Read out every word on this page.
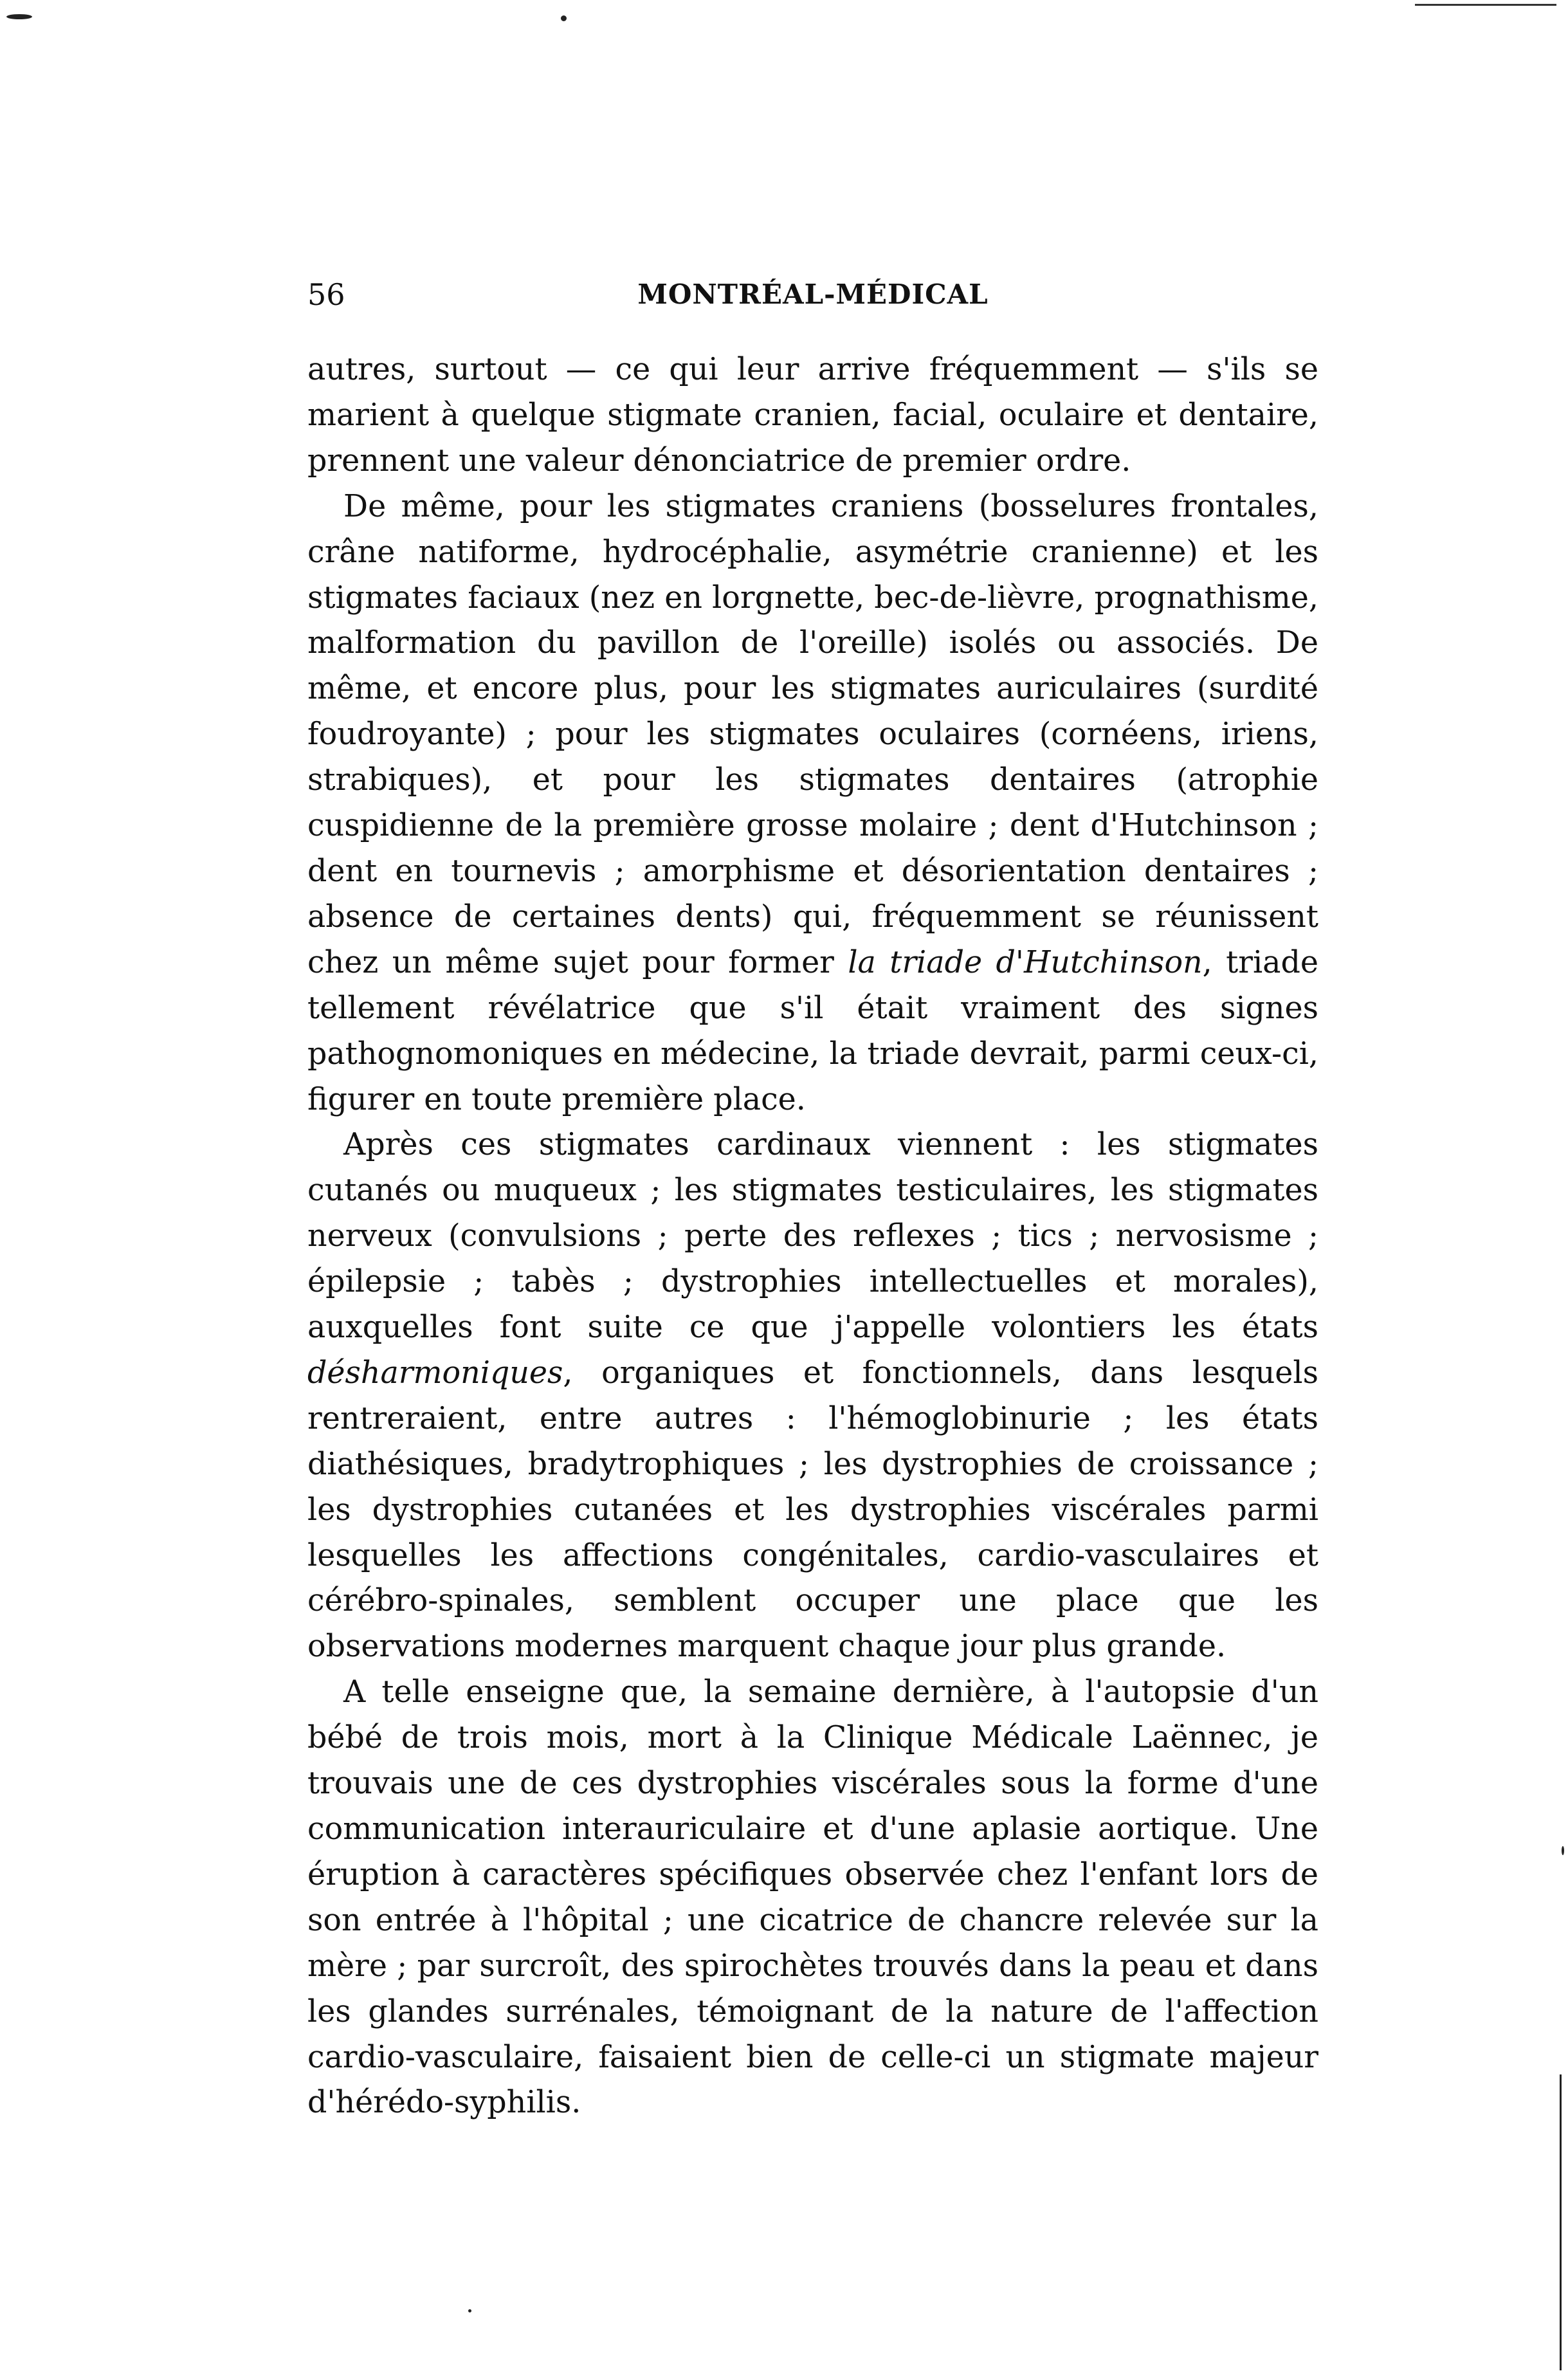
56	MONTRÉAL-MÉDICAL

autres, surtout — ce qui leur arrive fréquemment — s'ils se marient à quelque stigmate cranien, facial, oculaire et dentaire, prennent une valeur dénonciatrice de premier ordre.

De même, pour les stigmates craniens (bosselures frontales, crâne natiforme, hydrocéphalie, asymétrie cranienne) et les stigmates faciaux (nez en lorgnette, bec-de-lièvre, prognathisme, malformation du pavillon de l'oreille) isolés ou associés. De même, et encore plus, pour les stigmates auriculaires (surdité foudroyante) ; pour les stigmates oculaires (cornéens, iriens, strabiques), et pour les stigmates dentaires (atrophie cuspidienne de la première grosse molaire ; dent d'Hutchinson ; dent en tournevis ; amorphisme et désorientation dentaires ; absence de certaines dents) qui, fréquemment se réunissent chez un même sujet pour former la triade d'Hutchinson, triade tellement révélatrice que s'il était vraiment des signes pathognomoniques en médecine, la triade devrait, parmi ceux-ci, figurer en toute première place.

Après ces stigmates cardinaux viennent : les stigmates cutanés ou muqueux ; les stigmates testiculaires, les stigmates nerveux (convulsions ; perte des reflexes ; tics ; nervosisme ; épilepsie ; tabès ; dystrophies intellectuelles et morales), auxquelles font suite ce que j'appelle volontiers les états désharmoniques, organiques et fonctionnels, dans lesquels rentreraient, entre autres : l'hémoglobinurie ; les états diathésiques, bradytrophiques ; les dystrophies de croissance ; les dystrophies cutanées et les dystrophies viscérales parmi lesquelles les affections congénitales, cardio-vasculaires et cérébro-spinales, semblent occuper une place que les observations modernes marquent chaque jour plus grande.

A telle enseigne que, la semaine dernière, à l'autopsie d'un bébé de trois mois, mort à la Clinique Médicale Laënnec, je trouvais une de ces dystrophies viscérales sous la forme d'une communication interauriculaire et d'une aplasie aortique. Une éruption à caractères spécifiques observée chez l'enfant lors de son entrée à l'hôpital ; une cicatrice de chancre relevée sur la mère ; par surcroît, des spirochètes trouvés dans la peau et dans les glandes surrénales, témoignant de la nature de l'affection cardio-vasculaire, faisaient bien de celle-ci un stigmate majeur d'hérédo-syphilis.
